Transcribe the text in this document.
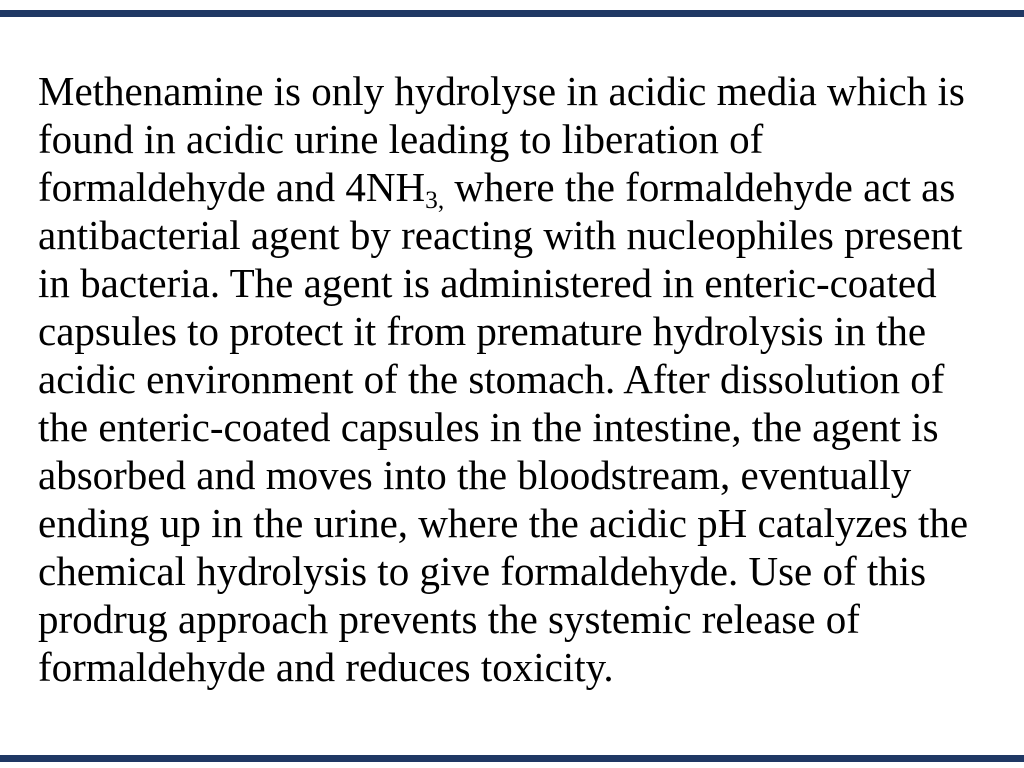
Methenamine is only hydrolyse in acidic media which is
found in acidic urine leading to liberation of
formaldehyde and $4NH_{3,}$ where the formaldehyde act as
antibacterial agent by reacting with nucleophiles present
in bacteria. The agent is administered in enteric-coated
capsules to protect it from premature hydrolysis in the
acidic environment of the stomach. After dissolution of
the enteric-coated capsules in the intestine, the agent is
absorbed and moves into the bloodstream, eventually
ending up in the urine, where the acidic pH catalyzes the
chemical hydrolysis to give formaldehyde. Use of this
prodrug approach prevents the systemic release of
formaldehyde and reduces toxicity.
